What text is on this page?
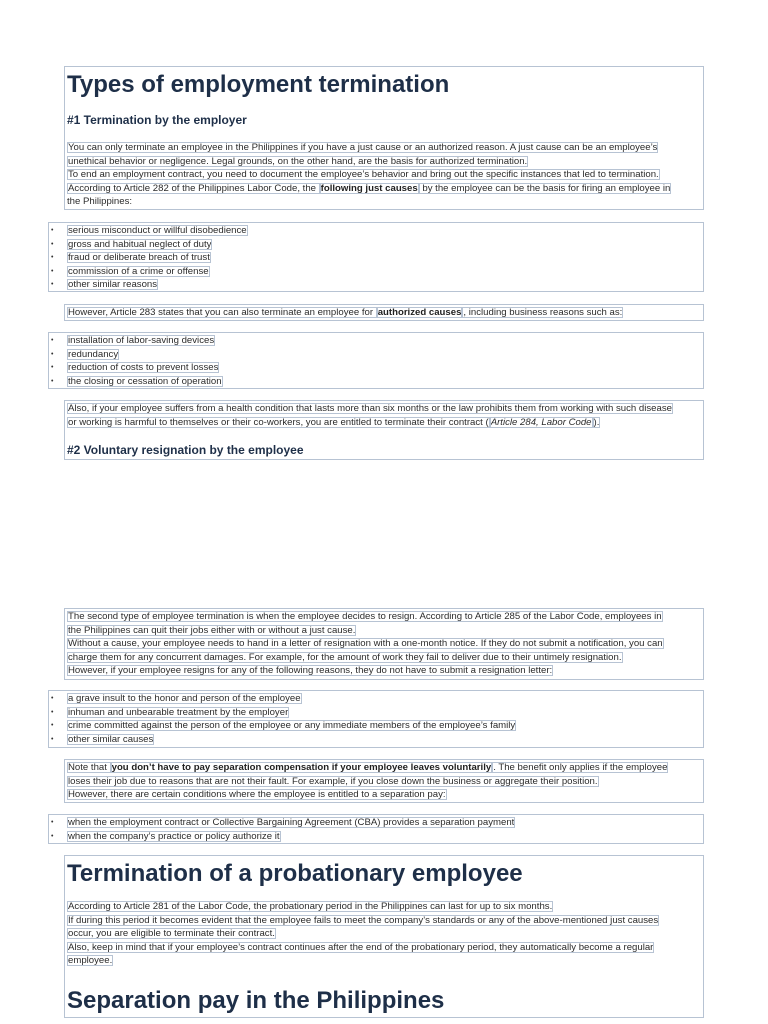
Types of employment termination
#1 Termination by the employer
You can only terminate an employee in the Philippines if you have a just cause or an authorized reason. A just cause can be an employee’s
unethical behavior or negligence. Legal grounds, on the other hand, are the basis for authorized termination.
To end an employment contract, you need to document the employee’s behavior and bring out the specific instances that led to termination.
According to Article 282 of the Philippines Labor Code, the following just causes by the employee can be the basis for firing an employee in
the Philippines:
•	serious misconduct or willful disobedience
•	gross and habitual neglect of duty
•	fraud or deliberate breach of trust
•	commission of a crime or offense
•	other similar reasons
However, Article 283 states that you can also terminate an employee for authorized causes , including business reasons such as:
•	installation of labor-saving devices
•	redundancy
•	reduction of costs to prevent losses
•	the closing or cessation of operation
Also, if your employee suffers from a health condition that lasts more than six months or the law prohibits them from working with such disease
or working is harmful to themselves or their co-workers, you are entitled to terminate their contract ( Article 284, Labor Code ).
#2 Voluntary resignation by the employee
The second type of employee termination is when the employee decides to resign. According to Article 285 of the Labor Code, employees in
the Philippines can quit their jobs either with or without a just cause.
Without a cause, your employee needs to hand in a letter of resignation with a one-month notice. If they do not submit a notification, you can
charge them for any concurrent damages. For example, for the amount of work they fail to deliver due to their untimely resignation.
However, if your employee resigns for any of the following reasons, they do not have to submit a resignation letter:
•	a grave insult to the honor and person of the employee
•	inhuman and unbearable treatment by the employer
•	crime committed against the person of the employee or any immediate members of the employee’s family
•	other similar causes
Note that you don’t have to pay separation compensation if your employee leaves voluntarily . The benefit only applies if the employee
loses their job due to reasons that are not their fault. For example, if you close down the business or aggregate their position.
However, there are certain conditions where the employee is entitled to a separation pay:
•	when the employment contract or Collective Bargaining Agreement (CBA) provides a separation payment
•	when the company’s practice or policy authorize it
Termination of a probationary employee
According to Article 281 of the Labor Code, the probationary period in the Philippines can last for up to six months.
If during this period it becomes evident that the employee fails to meet the company’s standards or any of the above-mentioned just causes
occur, you are eligible to terminate their contract.
Also, keep in mind that if your employee’s contract continues after the end of the probationary period, they automatically become a regular
employee.
Separation pay in the Philippines
